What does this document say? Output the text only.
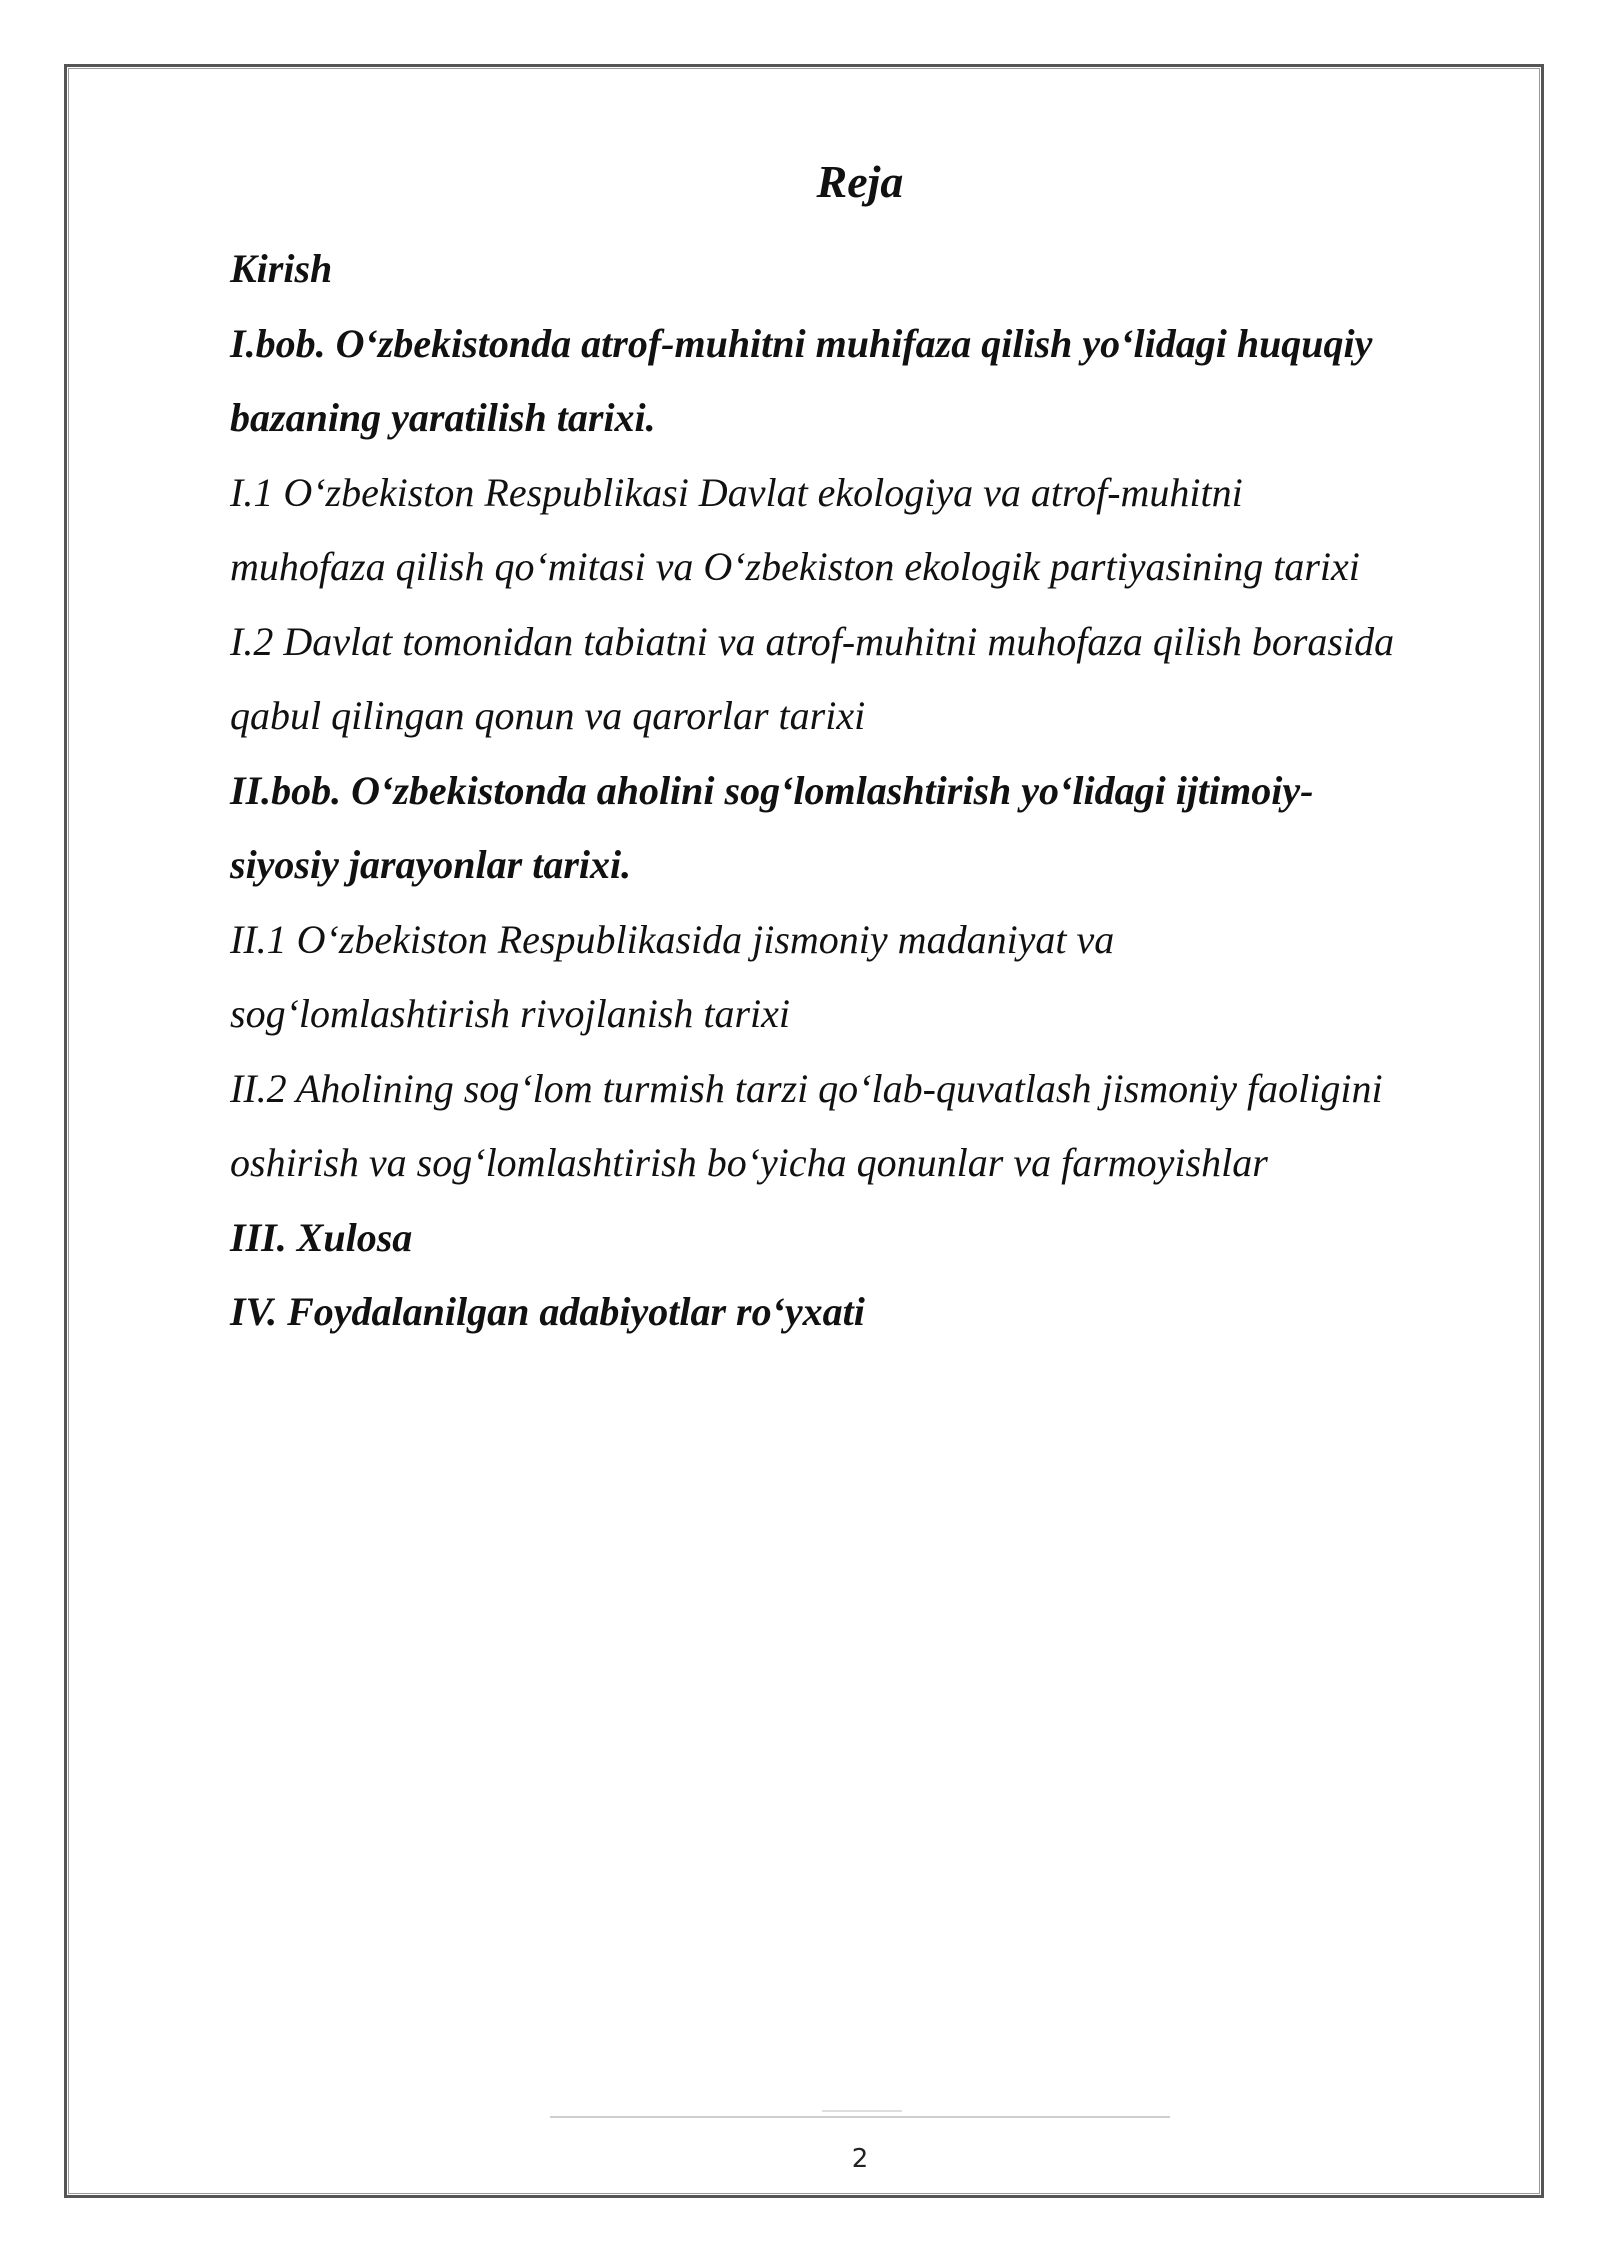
Reja
Kirish
I.bob. O‘zbekistonda atrof-muhitni muhifaza qilish yo‘lidagi huquqiy
bazaning yaratilish tarixi.
I.1 O‘zbekiston Respublikasi Davlat ekologiya va atrof-muhitni
muhofaza qilish qo‘mitasi va O‘zbekiston ekologik partiyasining tarixi
I.2 Davlat tomonidan tabiatni va atrof-muhitni muhofaza qilish borasida
qabul qilingan qonun va qarorlar tarixi
II.bob. O‘zbekistonda aholini sog‘lomlashtirish yo‘lidagi ijtimoiy-
siyosiy jarayonlar tarixi.
II.1 O‘zbekiston Respublikasida jismoniy madaniyat va
sog‘lomlashtirish rivojlanish tarixi
II.2 Aholining sog‘lom turmish tarzi qo‘lab-quvatlash jismoniy faoligini
oshirish va sog‘lomlashtirish bo‘yicha qonunlar va farmoyishlar
III. Xulosa
IV. Foydalanilgan adabiyotlar ro‘yxati
2
